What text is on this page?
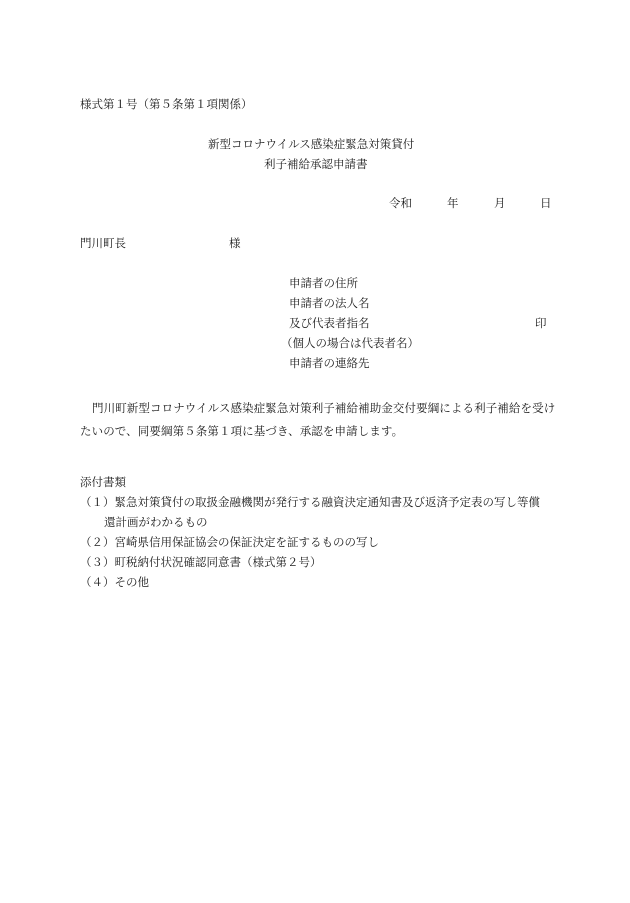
様式第１号（第５条第１項関係）
新型コロナウイルス感染症緊急対策貸付
利子補給承認申請書
令和	年	月	日
門川町長	様
申請者の住所
申請者の法人名
及び代表者指名	印
（個人の場合は代表者名）
申請者の連絡先
門川町新型コロナウイルス感染症緊急対策利子補給補助金交付要綱による利子補給を受けたいので、同要綱第５条第１項に基づき、承認を申請します。
添付書類
（１）緊急対策貸付の取扱金融機関が発行する融資決定通知書及び返済予定表の写し等償
還計画がわかるもの
（２）宮崎県信用保証協会の保証決定を証するものの写し
（３）町税納付状況確認同意書（様式第２号）
（４）その他
